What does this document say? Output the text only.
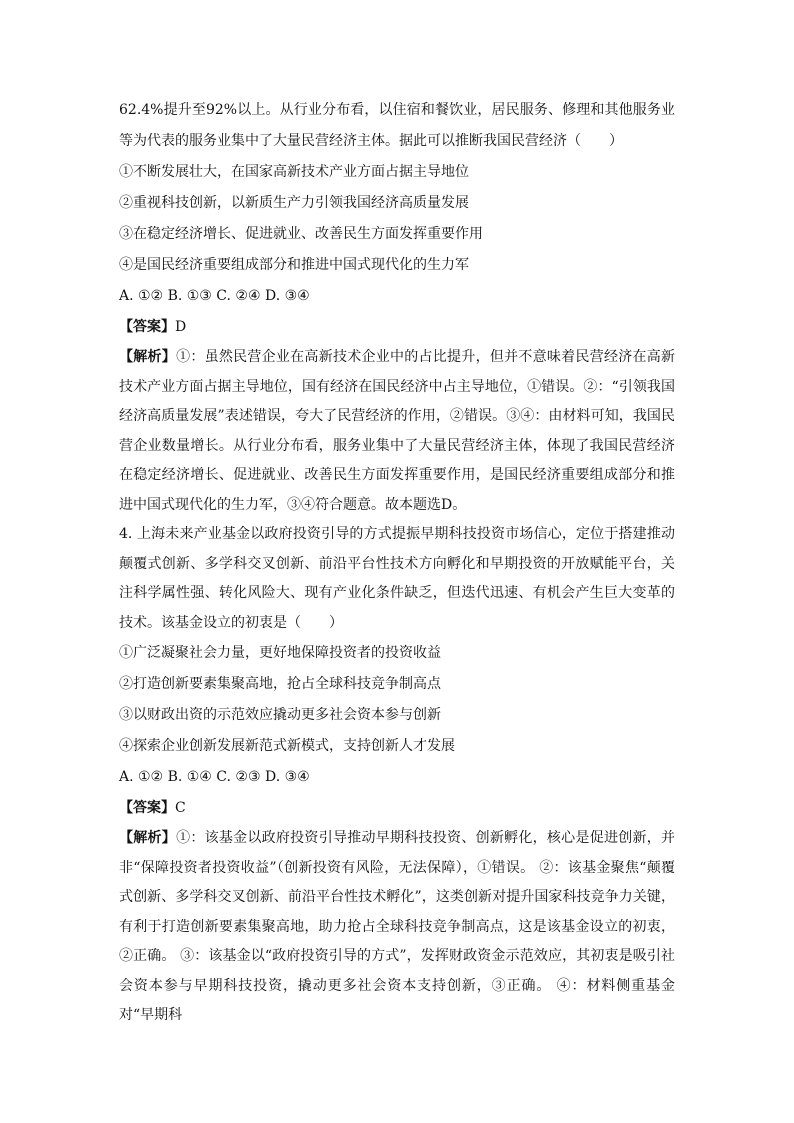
62.4%提升至92%以上。从行业分布看，以住宿和餐饮业，居民服务、修理和其他服务业等为代表的服务业集中了大量民营经济主体。据此可以推断我国民营经济（　　）

①不断发展壮大，在国家高新技术产业方面占据主导地位

②重视科技创新，以新质生产力引领我国经济高质量发展

③在稳定经济增长、促进就业、改善民生方面发挥重要作用

④是国民经济重要组成部分和推进中国式现代化的生力军

A. ①② B. ①③ C. ②④ D. ③④

【答案】D

【解析】①：虽然民营企业在高新技术企业中的占比提升，但并不意味着民营经济在高新技术产业方面占据主导地位，国有经济在国民经济中占主导地位，①错误。②：“引领我国经济高质量发展”表述错误，夸大了民营经济的作用，②错误。③④：由材料可知，我国民营企业数量增长。从行业分布看，服务业集中了大量民营经济主体，体现了我国民营经济在稳定经济增长、促进就业、改善民生方面发挥重要作用，是国民经济重要组成部分和推进中国式现代化的生力军，③④符合题意。故本题选D。

4. 上海未来产业基金以政府投资引导的方式提振早期科技投资市场信心，定位于搭建推动颠覆式创新、多学科交叉创新、前沿平台性技术方向孵化和早期投资的开放赋能平台，关注科学属性强、转化风险大、现有产业化条件缺乏，但迭代迅速、有机会产生巨大变革的技术。该基金设立的初衷是（　　）

①广泛凝聚社会力量，更好地保障投资者的投资收益

②打造创新要素集聚高地，抢占全球科技竞争制高点

③以财政出资的示范效应撬动更多社会资本参与创新

④探索企业创新发展新范式新模式，支持创新人才发展

A. ①② B. ①④ C. ②③ D. ③④

【答案】C

【解析】①：该基金以政府投资引导推动早期科技投资、创新孵化，核心是促进创新，并非“保障投资者投资收益”（创新投资有风险，无法保障），①错误。 ②：该基金聚焦“颠覆式创新、多学科交叉创新、前沿平台性技术孵化”，这类创新对提升国家科技竞争力关键，有利于打造创新要素集聚高地，助力抢占全球科技竞争制高点，这是该基金设立的初衷，②正确。 ③：该基金以“政府投资引导的方式”，发挥财政资金示范效应，其初衷是吸引社会资本参与早期科技投资，撬动更多社会资本支持创新，③正确。 ④：材料侧重基金对“早期科
